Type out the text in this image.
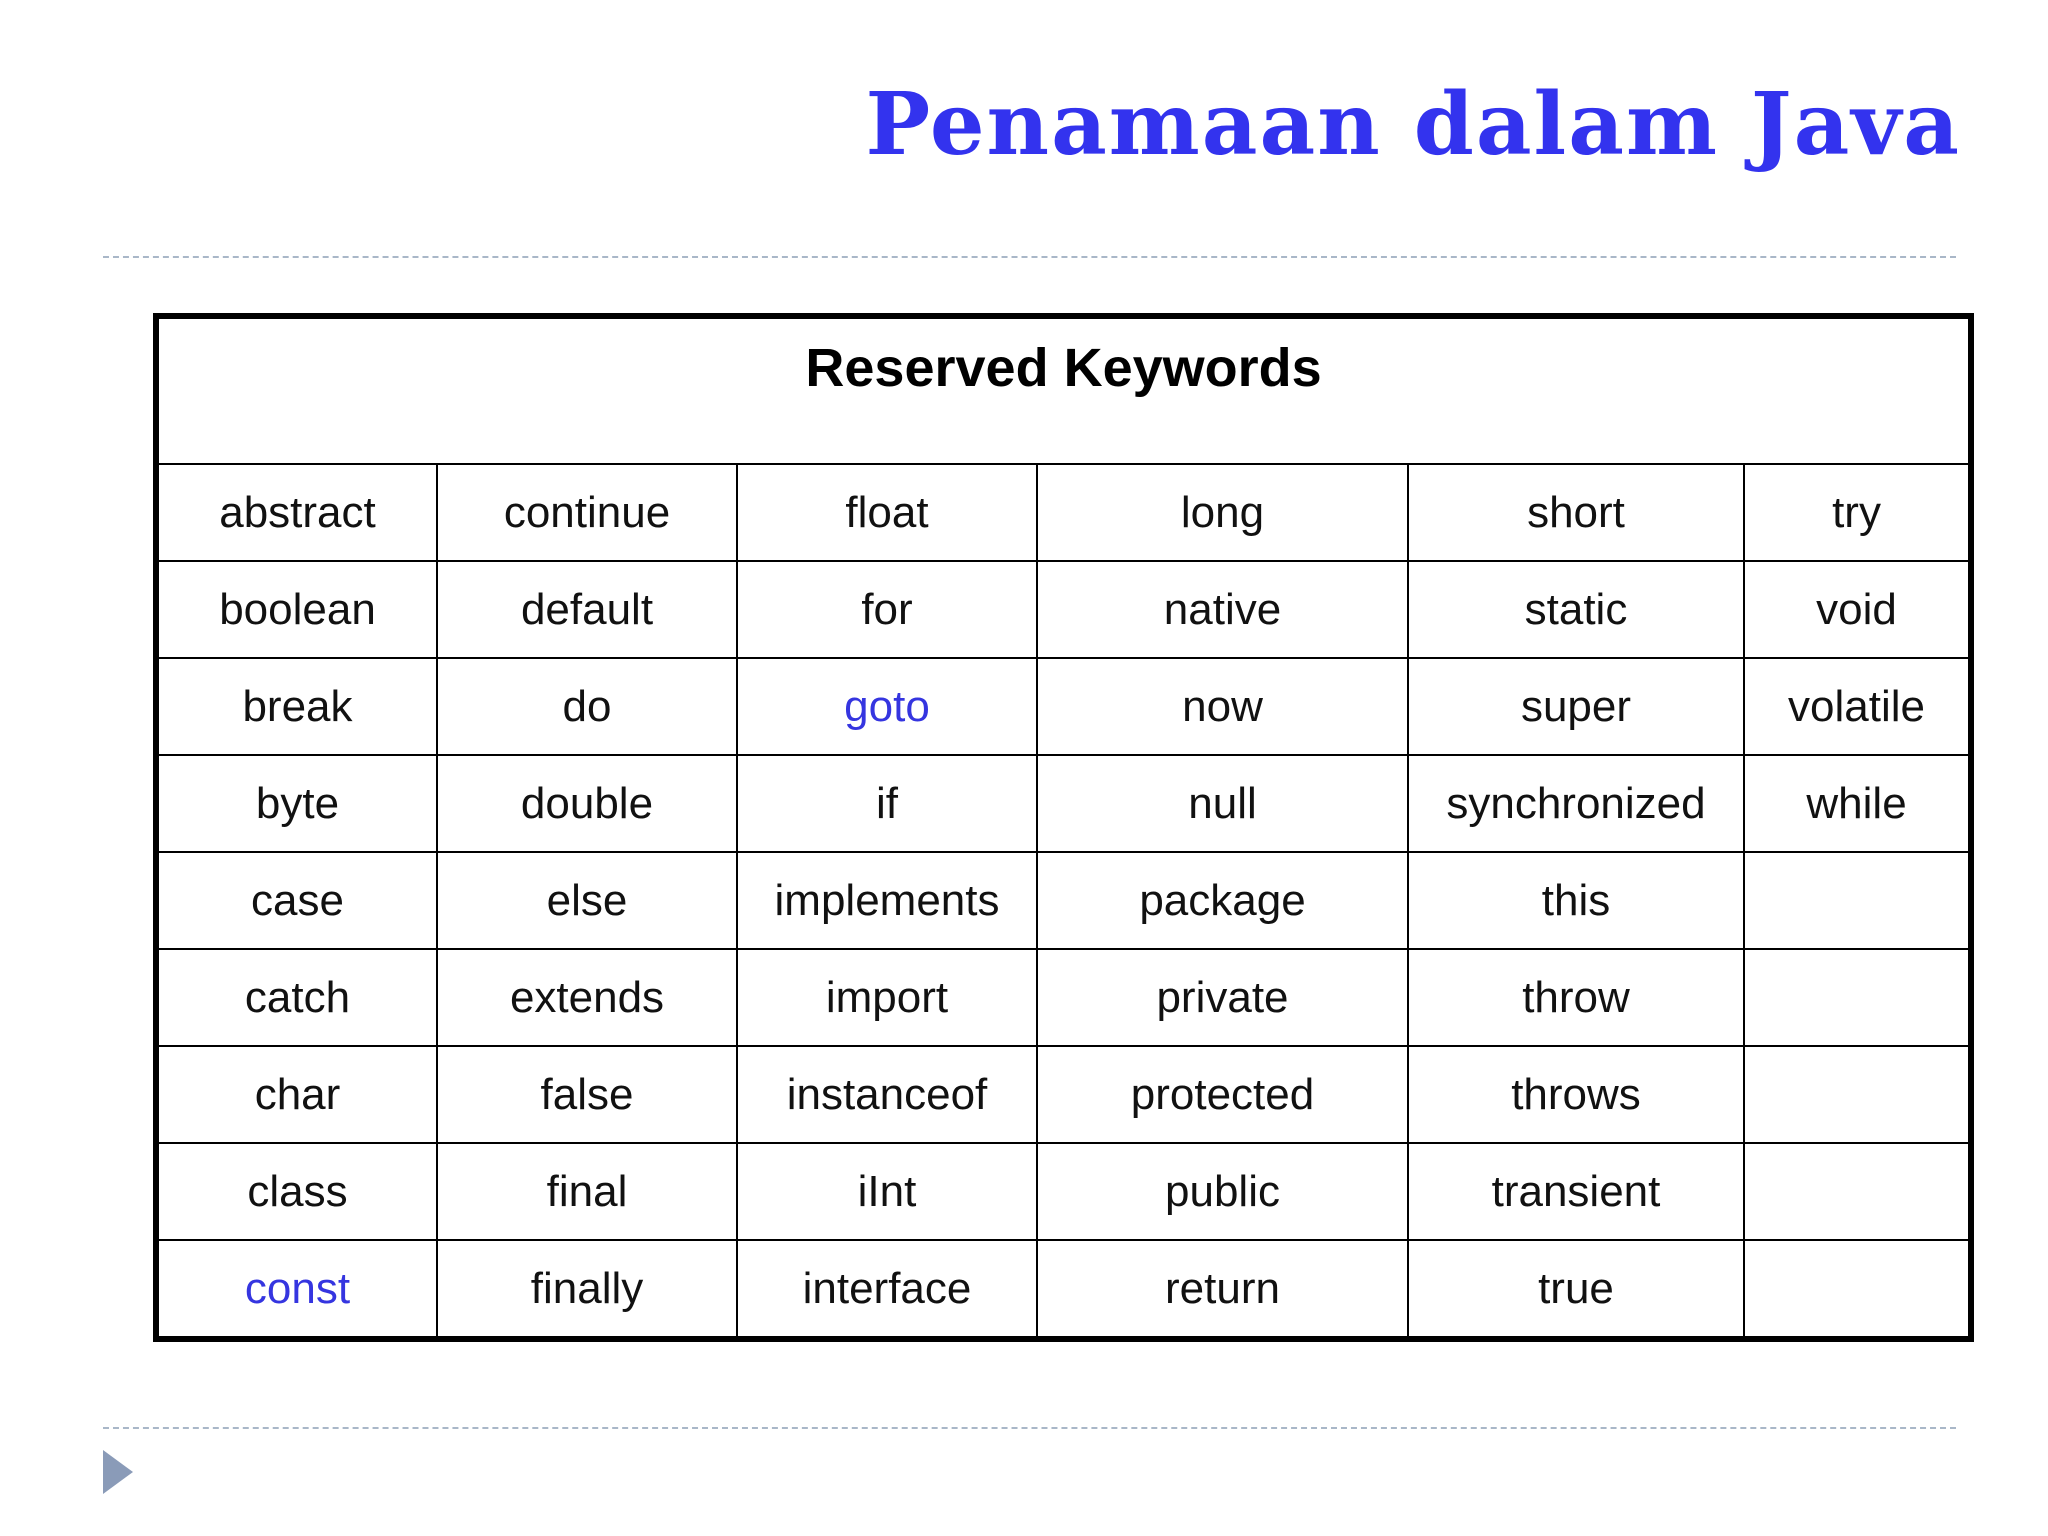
Penamaan dalam Java
Reserved Keywords					
abstract	continue	float	long	short	try
boolean	default	for	native	static	void
break	do	goto	now	super	volatile
byte	double	if	null	synchronized	while
case	else	implements	package	this	
catch	extends	import	private	throw	
char	false	instanceof	protected	throws	
class	final	iInt	public	transient	
const	finally	interface	return	true	
